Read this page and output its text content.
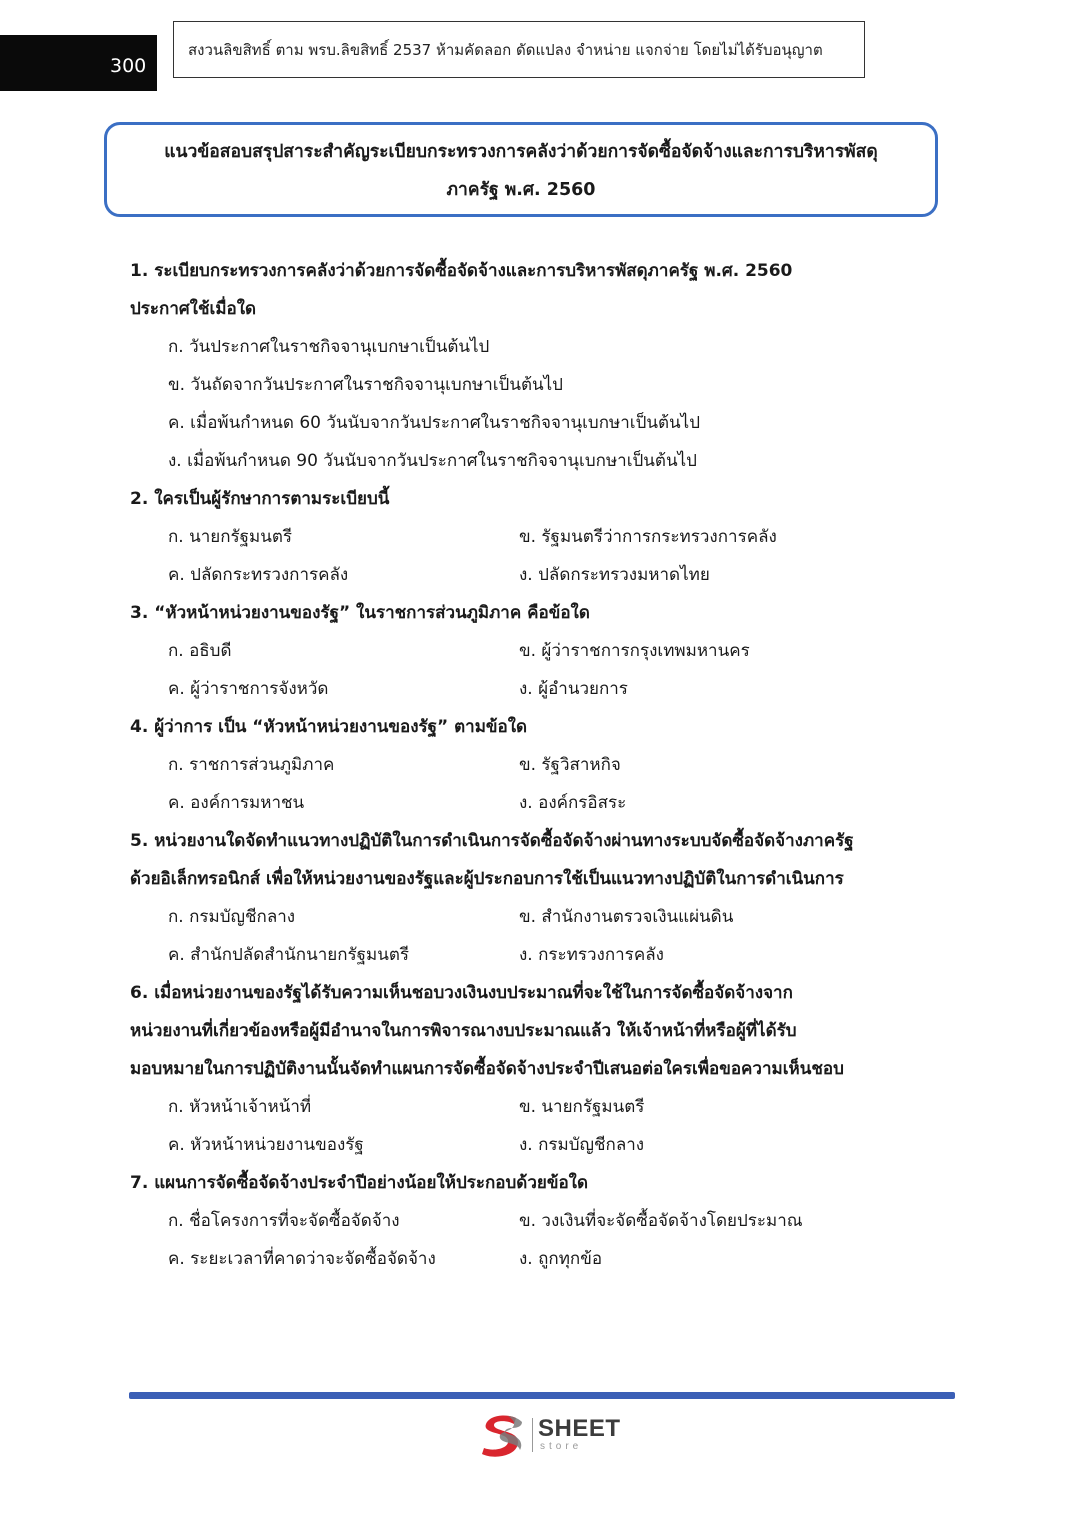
300
สงวนลิขสิทธิ์ ตาม พรบ.ลิขสิทธิ์ 2537 ห้ามคัดลอก ดัดแปลง จำหน่าย แจกจ่าย โดยไม่ได้รับอนุญาต
แนวข้อสอบสรุปสาระสำคัญระเบียบกระทรวงการคลังว่าด้วยการจัดซื้อจัดจ้างและการบริหารพัสดุ
ภาครัฐ พ.ศ. 2560
1. ระเบียบกระทรวงการคลังว่าด้วยการจัดซื้อจัดจ้างและการบริหารพัสดุภาครัฐ พ.ศ. 2560
ประกาศใช้เมื่อใด
ก. วันประกาศในราชกิจจานุเบกษาเป็นต้นไป
ข. วันถัดจากวันประกาศในราชกิจจานุเบกษาเป็นต้นไป
ค. เมื่อพ้นกำหนด 60 วันนับจากวันประกาศในราชกิจจานุเบกษาเป็นต้นไป
ง. เมื่อพ้นกำหนด 90 วันนับจากวันประกาศในราชกิจจานุเบกษาเป็นต้นไป
2. ใครเป็นผู้รักษาการตามระเบียบนี้
ก. นายกรัฐมนตรี	ข. รัฐมนตรีว่าการกระทรวงการคลัง
ค. ปลัดกระทรวงการคลัง	ง. ปลัดกระทรวงมหาดไทย
3. “หัวหน้าหน่วยงานของรัฐ” ในราชการส่วนภูมิภาค คือข้อใด
ก. อธิบดี	ข. ผู้ว่าราชการกรุงเทพมหานคร
ค. ผู้ว่าราชการจังหวัด	ง. ผู้อำนวยการ
4. ผู้ว่าการ เป็น “หัวหน้าหน่วยงานของรัฐ” ตามข้อใด
ก. ราชการส่วนภูมิภาค	ข. รัฐวิสาหกิจ
ค. องค์การมหาชน	ง. องค์กรอิสระ
5. หน่วยงานใดจัดทำแนวทางปฏิบัติในการดำเนินการจัดซื้อจัดจ้างผ่านทางระบบจัดซื้อจัดจ้างภาครัฐ
ด้วยอิเล็กทรอนิกส์ เพื่อให้หน่วยงานของรัฐและผู้ประกอบการใช้เป็นแนวทางปฏิบัติในการดำเนินการ
ก. กรมบัญชีกลาง	ข. สำนักงานตรวจเงินแผ่นดิน
ค. สำนักปลัดสำนักนายกรัฐมนตรี	ง. กระทรวงการคลัง
6. เมื่อหน่วยงานของรัฐได้รับความเห็นชอบวงเงินงบประมาณที่จะใช้ในการจัดซื้อจัดจ้างจาก
หน่วยงานที่เกี่ยวข้องหรือผู้มีอำนาจในการพิจารณางบประมาณแล้ว ให้เจ้าหน้าที่หรือผู้ที่ได้รับ
มอบหมายในการปฏิบัติงานนั้นจัดทำแผนการจัดซื้อจัดจ้างประจำปีเสนอต่อใครเพื่อขอความเห็นชอบ
ก. หัวหน้าเจ้าหน้าที่	ข. นายกรัฐมนตรี
ค. หัวหน้าหน่วยงานของรัฐ	ง. กรมบัญชีกลาง
7. แผนการจัดซื้อจัดจ้างประจำปีอย่างน้อยให้ประกอบด้วยข้อใด
ก. ชื่อโครงการที่จะจัดซื้อจัดจ้าง	ข. วงเงินที่จะจัดซื้อจัดจ้างโดยประมาณ
ค. ระยะเวลาที่คาดว่าจะจัดซื้อจัดจ้าง	ง. ถูกทุกข้อ
SHEET
store
